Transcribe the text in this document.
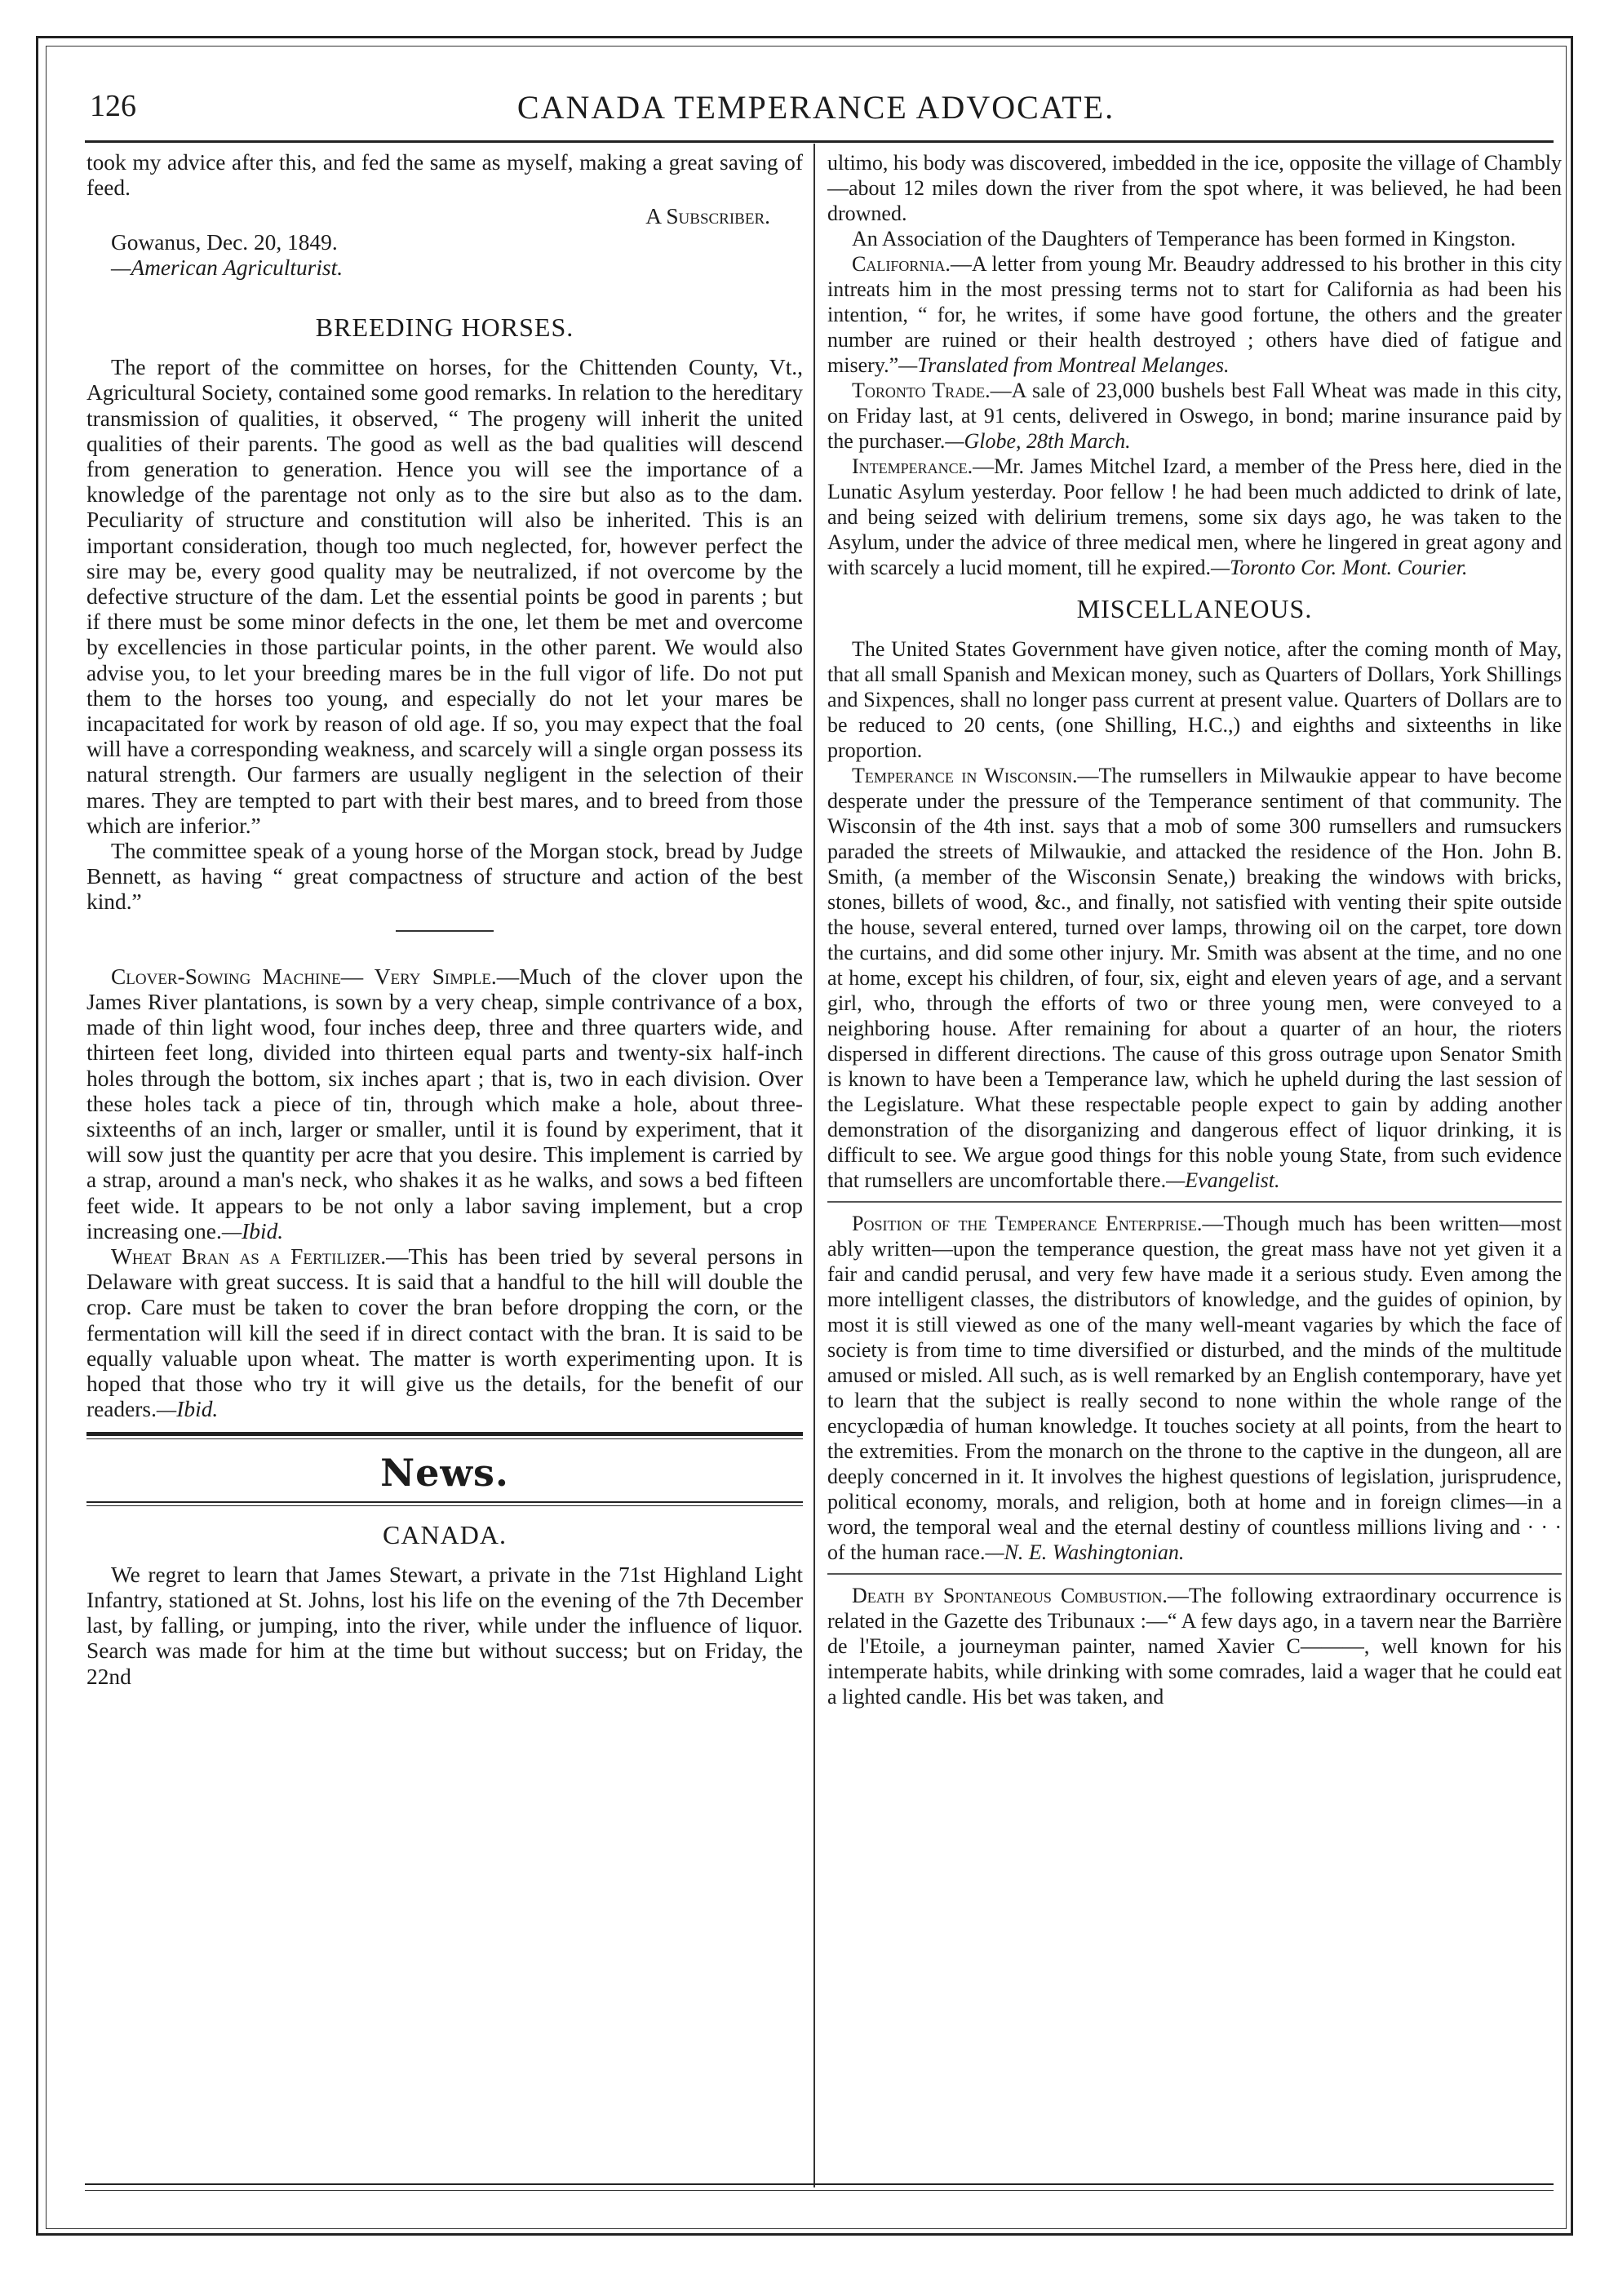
126	CANADA TEMPERANCE ADVOCATE.

took my advice after this, and fed the same as myself, making a great saving of feed.

A Subscriber.

Gowanus, Dec. 20, 1849.

—American Agriculturist.

BREEDING HORSES.

The report of the committee on horses, for the Chittenden County, Vt., Agricultural Society, contained some good remarks. In relation to the hereditary transmission of qualities, it observed, “ The progeny will inherit the united qualities of their parents. The good as well as the bad qualities will descend from generation to generation. Hence you will see the importance of a knowledge of the parentage not only as to the sire but also as to the dam. Peculiarity of structure and constitution will also be inherited. This is an important consideration, though too much neglected, for, however perfect the sire may be, every good quality may be neutralized, if not overcome by the defective structure of the dam. Let the essential points be good in parents ; but if there must be some minor defects in the one, let them be met and overcome by excellencies in those particular points, in the other parent. We would also advise you, to let your breeding mares be in the full vigor of life. Do not put them to the horses too young, and especially do not let your mares be incapacitated for work by reason of old age. If so, you may expect that the foal will have a corresponding weakness, and scarcely will a single organ possess its natural strength. Our farmers are usually negligent in the selection of their mares. They are tempted to part with their best mares, and to breed from those which are inferior.”

The committee speak of a young horse of the Morgan stock, bread by Judge Bennett, as having “ great compactness of structure and action of the best kind.”

Clover-Sowing Machine— Very Simple.—Much of the clover upon the James River plantations, is sown by a very cheap, simple contrivance of a box, made of thin light wood, four inches deep, three and three quarters wide, and thirteen feet long, divided into thirteen equal parts and twenty-six half-inch holes through the bottom, six inches apart ; that is, two in each division. Over these holes tack a piece of tin, through which make a hole, about three-sixteenths of an inch, larger or smaller, until it is found by experiment, that it will sow just the quantity per acre that you desire. This implement is carried by a strap, around a man's neck, who shakes it as he walks, and sows a bed fifteen feet wide. It appears to be not only a labor saving implement, but a crop increasing one.—Ibid.

Wheat Bran as a Fertilizer.—This has been tried by several persons in Delaware with great success. It is said that a handful to the hill will double the crop. Care must be taken to cover the bran before dropping the corn, or the fermentation will kill the seed if in direct contact with the bran. It is said to be equally valuable upon wheat. The matter is worth experimenting upon. It is hoped that those who try it will give us the details, for the benefit of our readers.—Ibid.

News.
CANADA.

We regret to learn that James Stewart, a private in the 71st Highland Light Infantry, stationed at St. Johns, lost his life on the evening of the 7th December last, by falling, or jumping, into the river, while under the influence of liquor. Search was made for him at the time but without success; but on Friday, the 22nd

ultimo, his body was discovered, imbedded in the ice, opposite the village of Chambly—about 12 miles down the river from the spot where, it was believed, he had been drowned.

An Association of the Daughters of Temperance has been formed in Kingston.

California.—A letter from young Mr. Beaudry addressed to his brother in this city intreats him in the most pressing terms not to start for California as had been his intention, “ for, he writes, if some have good fortune, the others and the greater number are ruined or their health destroyed ; others have died of fatigue and misery.”—Translated from Montreal Melanges.

Toronto Trade.—A sale of 23,000 bushels best Fall Wheat was made in this city, on Friday last, at 91 cents, delivered in Oswego, in bond; marine insurance paid by the purchaser.—Globe, 28th March.

Intemperance.—Mr. James Mitchel Izard, a member of the Press here, died in the Lunatic Asylum yesterday. Poor fellow ! he had been much addicted to drink of late, and being seized with delirium tremens, some six days ago, he was taken to the Asylum, under the advice of three medical men, where he lingered in great agony and with scarcely a lucid moment, till he expired.—Toronto Cor. Mont. Courier.

MISCELLANEOUS.

The United States Government have given notice, after the coming month of May, that all small Spanish and Mexican money, such as Quarters of Dollars, York Shillings and Sixpences, shall no longer pass current at present value. Quarters of Dollars are to be reduced to 20 cents, (one Shilling, H.C.,) and eighths and sixteenths in like proportion.

Temperance in Wisconsin.—The rumsellers in Milwaukie appear to have become desperate under the pressure of the Temperance sentiment of that community. The Wisconsin of the 4th inst. says that a mob of some 300 rumsellers and rumsuckers paraded the streets of Milwaukie, and attacked the residence of the Hon. John B. Smith, (a member of the Wisconsin Senate,) breaking the windows with bricks, stones, billets of wood, &c., and finally, not satisfied with venting their spite outside the house, several entered, turned over lamps, throwing oil on the carpet, tore down the curtains, and did some other injury. Mr. Smith was absent at the time, and no one at home, except his children, of four, six, eight and eleven years of age, and a servant girl, who, through the efforts of two or three young men, were conveyed to a neighboring house. After remaining for about a quarter of an hour, the rioters dispersed in different directions. The cause of this gross outrage upon Senator Smith is known to have been a Temperance law, which he upheld during the last session of the Legislature. What these respectable people expect to gain by adding another demonstration of the disorganizing and dangerous effect of liquor drinking, it is difficult to see. We argue good things for this noble young State, from such evidence that rumsellers are uncomfortable there.—Evangelist.

Position of the Temperance Enterprise.—Though much has been written—most ably written—upon the temperance question, the great mass have not yet given it a fair and candid perusal, and very few have made it a serious study. Even among the more intelligent classes, the distributors of knowledge, and the guides of opinion, by most it is still viewed as one of the many well-meant vagaries by which the face of society is from time to time diversified or disturbed, and the minds of the multitude amused or misled. All such, as is well remarked by an English contemporary, have yet to learn that the subject is really second to none within the whole range of the encyclopædia of human knowledge. It touches society at all points, from the heart to the extremities. From the monarch on the throne to the captive in the dungeon, all are deeply concerned in it. It involves the highest questions of legislation, jurisprudence, political economy, morals, and religion, both at home and in foreign climes—in a word, the temporal weal and the eternal destiny of countless millions living and · · · of the human race.—N. E. Washingtonian.

Death by Spontaneous Combustion.—The following extraordinary occurrence is related in the Gazette des Tribunaux :—“ A few days ago, in a tavern near the Barrière de l'Etoile, a journeyman painter, named Xavier C———, well known for his intemperate habits, while drinking with some comrades, laid a wager that he could eat a lighted candle. His bet was taken, and
